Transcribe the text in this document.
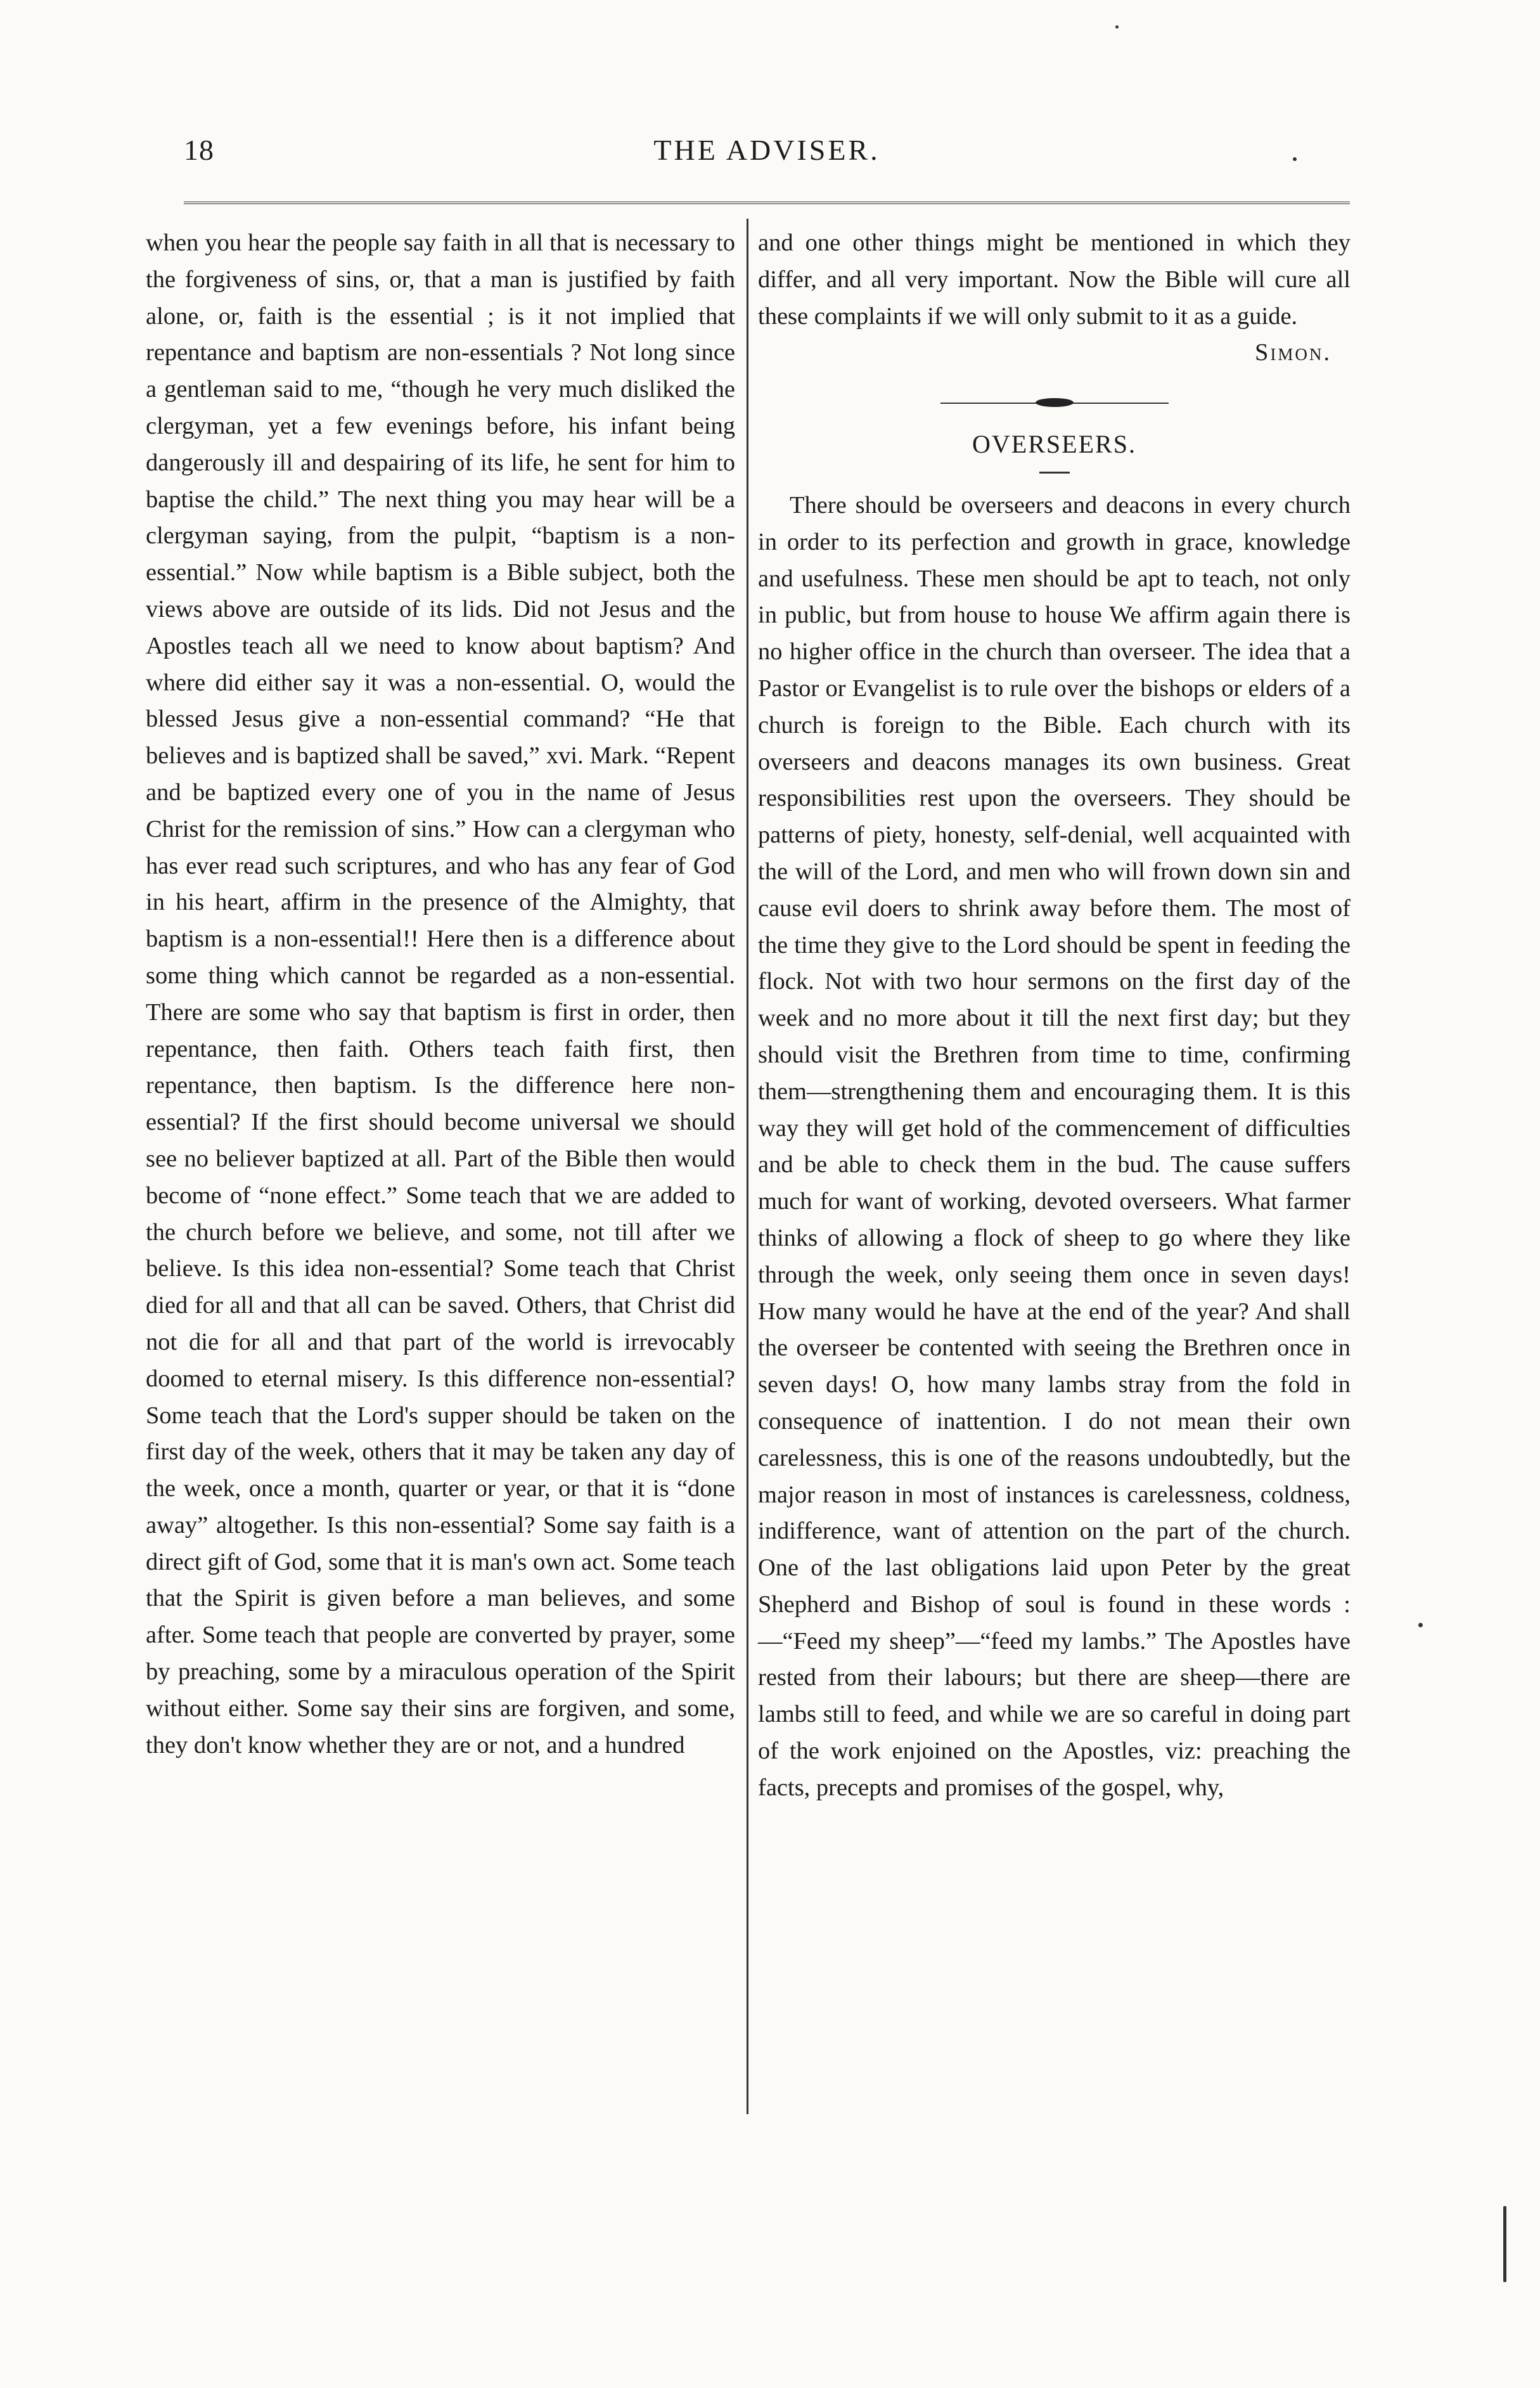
18	THE ADVISER.

when you hear the people say faith in all that is necessary to the forgiveness of sins, or, that a man is justified by faith alone, or, faith is the essential ; is it not implied that repentance and baptism are non-essentials ? Not long since a gentleman said to me, “though he very much disliked the clergyman, yet a few evenings before, his infant being dangerously ill and despairing of its life, he sent for him to baptise the child.” The next thing you may hear will be a clergyman saying, from the pulpit, “baptism is a non-essential.” Now while baptism is a Bible subject, both the views above are outside of its lids. Did not Jesus and the Apostles teach all we need to know about baptism? And where did either say it was a non-essential. O, would the blessed Jesus give a non-essential command? “He that believes and is baptized shall be saved,” xvi. Mark. “Repent and be baptized every one of you in the name of Jesus Christ for the remission of sins.” How can a clergyman who has ever read such scriptures, and who has any fear of God in his heart, affirm in the presence of the Almighty, that baptism is a non-essential!! Here then is a difference about some thing which cannot be regarded as a non-essential. There are some who say that baptism is first in order, then repentance, then faith. Others teach faith first, then repentance, then baptism. Is the difference here non-essential? If the first should become universal we should see no believer baptized at all. Part of the Bible then would become of “none effect.” Some teach that we are added to the church before we believe, and some, not till after we believe. Is this idea non-essential? Some teach that Christ died for all and that all can be saved. Others, that Christ did not die for all and that part of the world is irrevocably doomed to eternal misery. Is this difference non-essential? Some teach that the Lord's supper should be taken on the first day of the week, others that it may be taken any day of the week, once a month, quarter or year, or that it is “done away” altogether. Is this non-essential? Some say faith is a direct gift of God, some that it is man's own act. Some teach that the Spirit is given before a man believes, and some after. Some teach that people are converted by prayer, some by preaching, some by a miraculous operation of the Spirit without either. Some say their sins are forgiven, and some, they don't know whether they are or not, and a hundred

and one other things might be mentioned in which they differ, and all very important. Now the Bible will cure all these complaints if we will only submit to it as a guide.

Simon.

OVERSEERS.

There should be overseers and deacons in every church in order to its perfection and growth in grace, knowledge and usefulness. These men should be apt to teach, not only in public, but from house to house We affirm again there is no higher office in the church than overseer. The idea that a Pastor or Evangelist is to rule over the bishops or elders of a church is foreign to the Bible. Each church with its overseers and deacons manages its own business. Great responsibilities rest upon the overseers. They should be patterns of piety, honesty, self-denial, well acquainted with the will of the Lord, and men who will frown down sin and cause evil doers to shrink away before them. The most of the time they give to the Lord should be spent in feeding the flock. Not with two hour sermons on the first day of the week and no more about it till the next first day; but they should visit the Brethren from time to time, confirming them—strengthening them and encouraging them. It is this way they will get hold of the commencement of difficulties and be able to check them in the bud. The cause suffers much for want of working, devoted overseers. What farmer thinks of allowing a flock of sheep to go where they like through the week, only seeing them once in seven days! How many would he have at the end of the year? And shall the overseer be contented with seeing the Brethren once in seven days! O, how many lambs stray from the fold in consequence of inattention. I do not mean their own carelessness, this is one of the reasons undoubtedly, but the major reason in most of instances is carelessness, coldness, indifference, want of attention on the part of the church. One of the last obligations laid upon Peter by the great Shepherd and Bishop of soul is found in these words :—“Feed my sheep”—“feed my lambs.” The Apostles have rested from their labours; but there are sheep—there are lambs still to feed, and while we are so careful in doing part of the work enjoined on the Apostles, viz: preaching the facts, precepts and promises of the gospel, why,
